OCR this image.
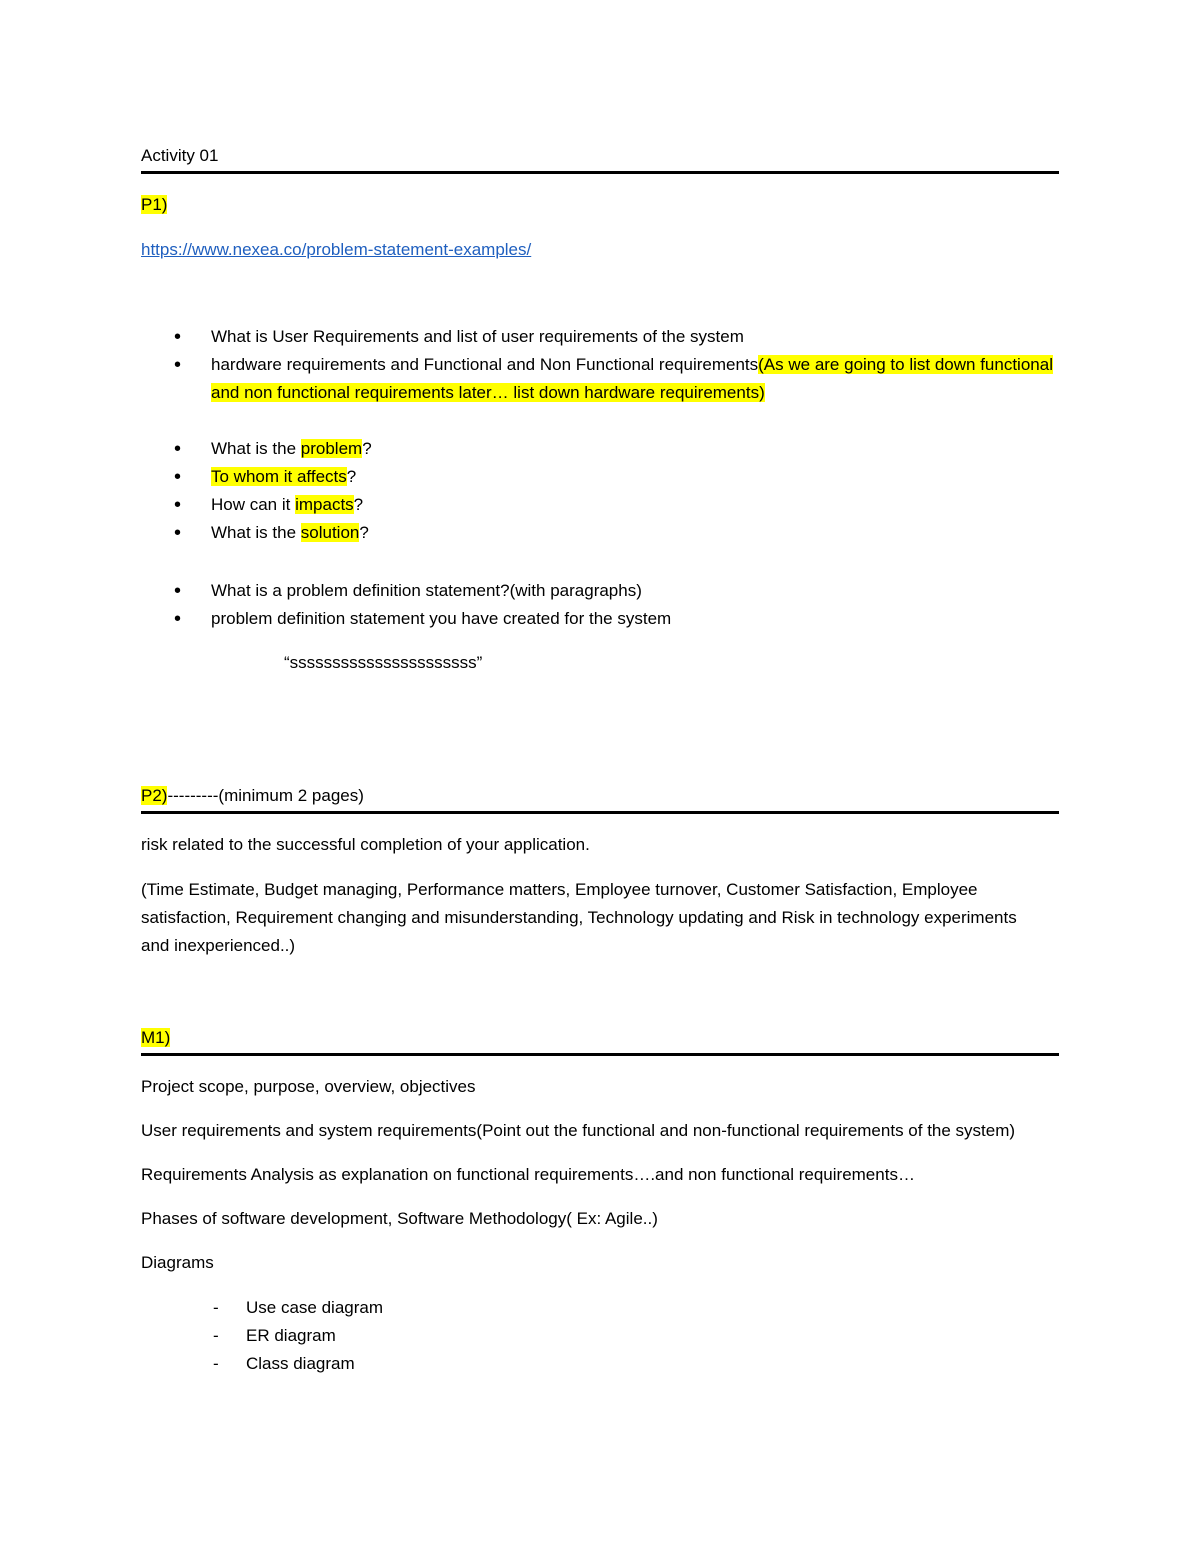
Activity 01
P1)
https://www.nexea.co/problem-statement-examples/
• What is User Requirements and list of user requirements of the system
• hardware requirements and Functional and Non Functional requirements(As we are going to list down functional and non functional requirements later… list down hardware requirements)
• What is the problem?
• To whom it affects?
• How can it impacts?
• What is the solution?
• What is a problem definition statement?(with paragraphs)
• problem definition statement you have created for the system
“ssssssssssssssssssssss”
P2)---------(minimum 2 pages)

risk related to the successful completion of your application.

(Time Estimate, Budget managing, Performance matters, Employee turnover, Customer Satisfaction, Employee satisfaction, Requirement changing and misunderstanding, Technology updating and Risk in technology experiments and inexperienced..)

M1)

Project scope, purpose, overview, objectives

User requirements and system requirements(Point out the functional and non-functional requirements of the system)

Requirements Analysis as explanation on functional requirements….and non functional requirements…

Phases of software development, Software Methodology( Ex: Agile..)

Diagrams

- Use case diagram
- ER diagram
- Class diagram
